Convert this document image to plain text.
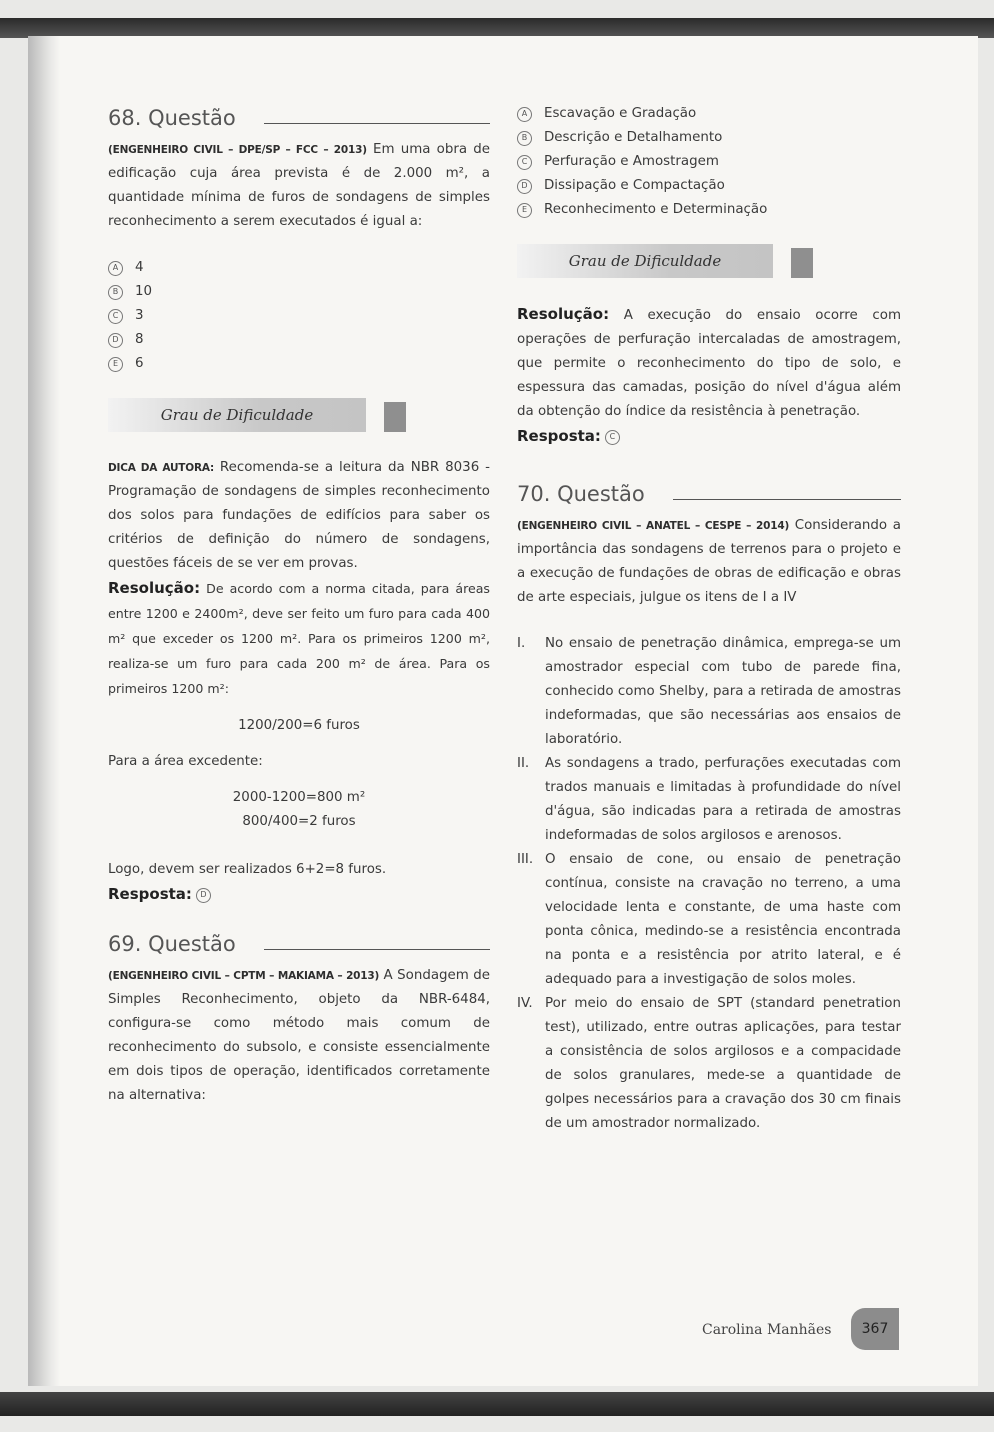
68. Questão
(ENGENHEIRO CIVIL – DPE/SP – FCC – 2013) Em uma obra de edificação cuja área prevista é de 2.000 m², a quantidade mínima de furos de sondagens de simples reconhecimento a serem executados é igual a:
A	4
B	10
C	3
D	8
E	6
Grau de Dificuldade
DICA DA AUTORA: Recomenda-se a leitura da NBR 8036 - Programação de sondagens de simples reconhecimento dos solos para fundações de edifícios para saber os critérios de definição do número de sondagens, questões fáceis de se ver em provas.
Resolução: De acordo com a norma citada, para áreas entre 1200 e 2400m², deve ser feito um furo para cada 400 m² que exceder os 1200 m². Para os primeiros 1200 m², realiza-se um furo para cada 200 m² de área. Para os primeiros 1200 m²:
1200/200=6 furos
Para a área excedente:
2000-1200=800 m²
800/400=2 furos
Logo, devem ser realizados 6+2=8 furos.
Resposta: D
69. Questão
(ENGENHEIRO CIVIL – CPTM – MAKIAMA – 2013) A Sondagem de Simples Reconhecimento, objeto da NBR-6484, configura-se como método mais comum de reconhecimento do subsolo, e consiste essencialmente em dois tipos de operação, identificados corretamente na alternativa:
A	Escavação e Gradação
B	Descrição e Detalhamento
C	Perfuração e Amostragem
D	Dissipação e Compactação
E	Reconhecimento e Determinação
Grau de Dificuldade
Resolução: A execução do ensaio ocorre com operações de perfuração intercaladas de amostragem, que permite o reconhecimento do tipo de solo, e espessura das camadas, posição do nível d'água além da obtenção do índice da resistência à penetração.
Resposta: C
70. Questão
(ENGENHEIRO CIVIL – ANATEL – CESPE – 2014) Considerando a importância das sondagens de terrenos para o projeto e a execução de fundações de obras de edificação e obras de arte especiais, julgue os itens de I a IV
I.	No ensaio de penetração dinâmica, emprega-se um amostrador especial com tubo de parede fina, conhecido como Shelby, para a retirada de amostras indeformadas, que são necessárias aos ensaios de laboratório.
II.	As sondagens a trado, perfurações executadas com trados manuais e limitadas à profundidade do nível d'água, são indicadas para a retirada de amostras indeformadas de solos argilosos e arenosos.
III. O ensaio de cone, ou ensaio de penetração contínua, consiste na cravação no terreno, a uma velocidade lenta e constante, de uma haste com ponta cônica, medindo-se a resistência encontrada na ponta e a resistência por atrito lateral, e é adequado para a investigação de solos moles.
IV. Por meio do ensaio de SPT (standard penetration test), utilizado, entre outras aplicações, para testar a consistência de solos argilosos e a compacidade de solos granulares, mede-se a quantidade de golpes necessários para a cravação dos 30 cm finais de um amostrador normalizado.
Carolina Manhães	367
